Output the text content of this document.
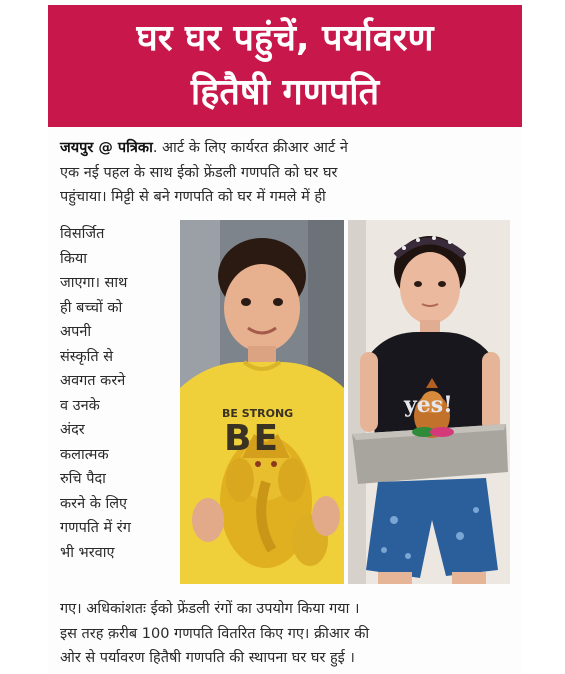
घर घर पहुंचें, पर्यावरण
हितैषी गणपति
जयपुर @ पत्रिका. आर्ट के लिए कार्यरत क्रीआर आर्ट ने
एक नई पहल के साथ ईको फ्रेंडली गणपति को घर घर
पहुंचाया। मिट्टी से बने गणपति को घर में गमले में ही
विसर्जित
किया
जाएगा। साथ
ही बच्चों को
अपनी
संस्कृति से
अवगत करने
व उनके
अंदर
कलात्मक
रुचि पैदा
करने के लिए
गणपति में रंग
भी भरवाए
BE STRONG
BE
yes!
गए। अधिकांशतः ईको फ्रेंडली रंगों का उपयोग किया गया ।
इस तरह क़रीब 100 गणपति वितरित किए गए। क्रीआर की
ओर से पर्यावरण हितैषी गणपति की स्थापना घर घर हुई ।
